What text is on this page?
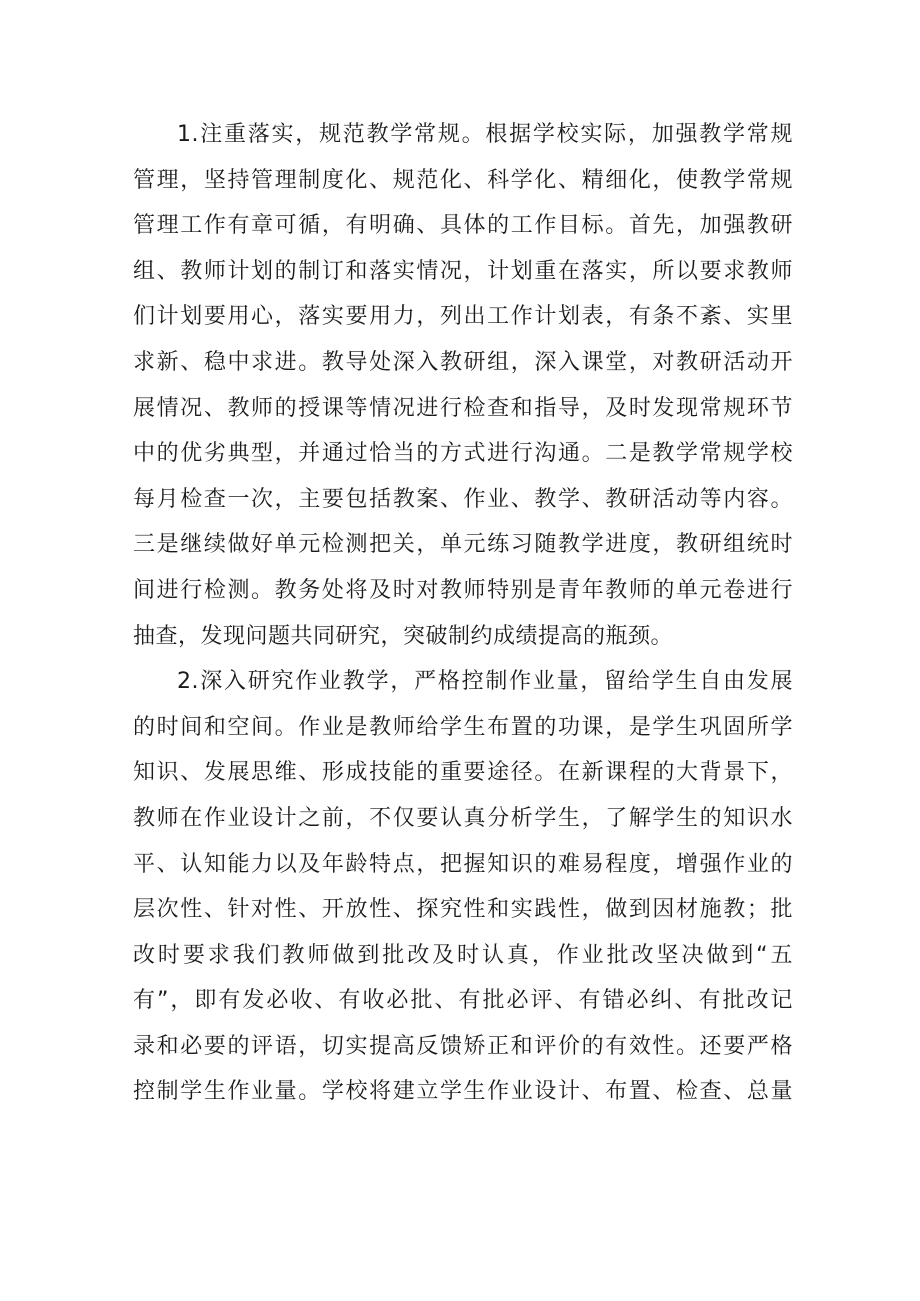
1.注重落实，规范教学常规。根据学校实际，加强教学常规
管理，坚持管理制度化、规范化、科学化、精细化，使教学常规
管理工作有章可循，有明确、具体的工作目标。首先，加强教研
组、教师计划的制订和落实情况，计划重在落实，所以要求教师
们计划要用心，落实要用力，列出工作计划表，有条不紊、实里
求新、稳中求进。教导处深入教研组，深入课堂，对教研活动开
展情况、教师的授课等情况进行检查和指导，及时发现常规环节
中的优劣典型，并通过恰当的方式进行沟通。二是教学常规学校
每月检查一次，主要包括教案、作业、教学、教研活动等内容。
三是继续做好单元检测把关，单元练习随教学进度，教研组统时
间进行检测。教务处将及时对教师特别是青年教师的单元卷进行
抽查，发现问题共同研究，突破制约成绩提高的瓶颈。
2.深入研究作业教学，严格控制作业量，留给学生自由发展
的时间和空间。作业是教师给学生布置的功课，是学生巩固所学
知识、发展思维、形成技能的重要途径。在新课程的大背景下，
教师在作业设计之前，不仅要认真分析学生，了解学生的知识水
平、认知能力以及年龄特点，把握知识的难易程度，增强作业的
层次性、针对性、开放性、探究性和实践性，做到因材施教；批
改时要求我们教师做到批改及时认真，作业批改坚决做到“五
有”，即有发必收、有收必批、有批必评、有错必纠、有批改记
录和必要的评语，切实提高反馈矫正和评价的有效性。还要严格
控制学生作业量。学校将建立学生作业设计、布置、检查、总量
